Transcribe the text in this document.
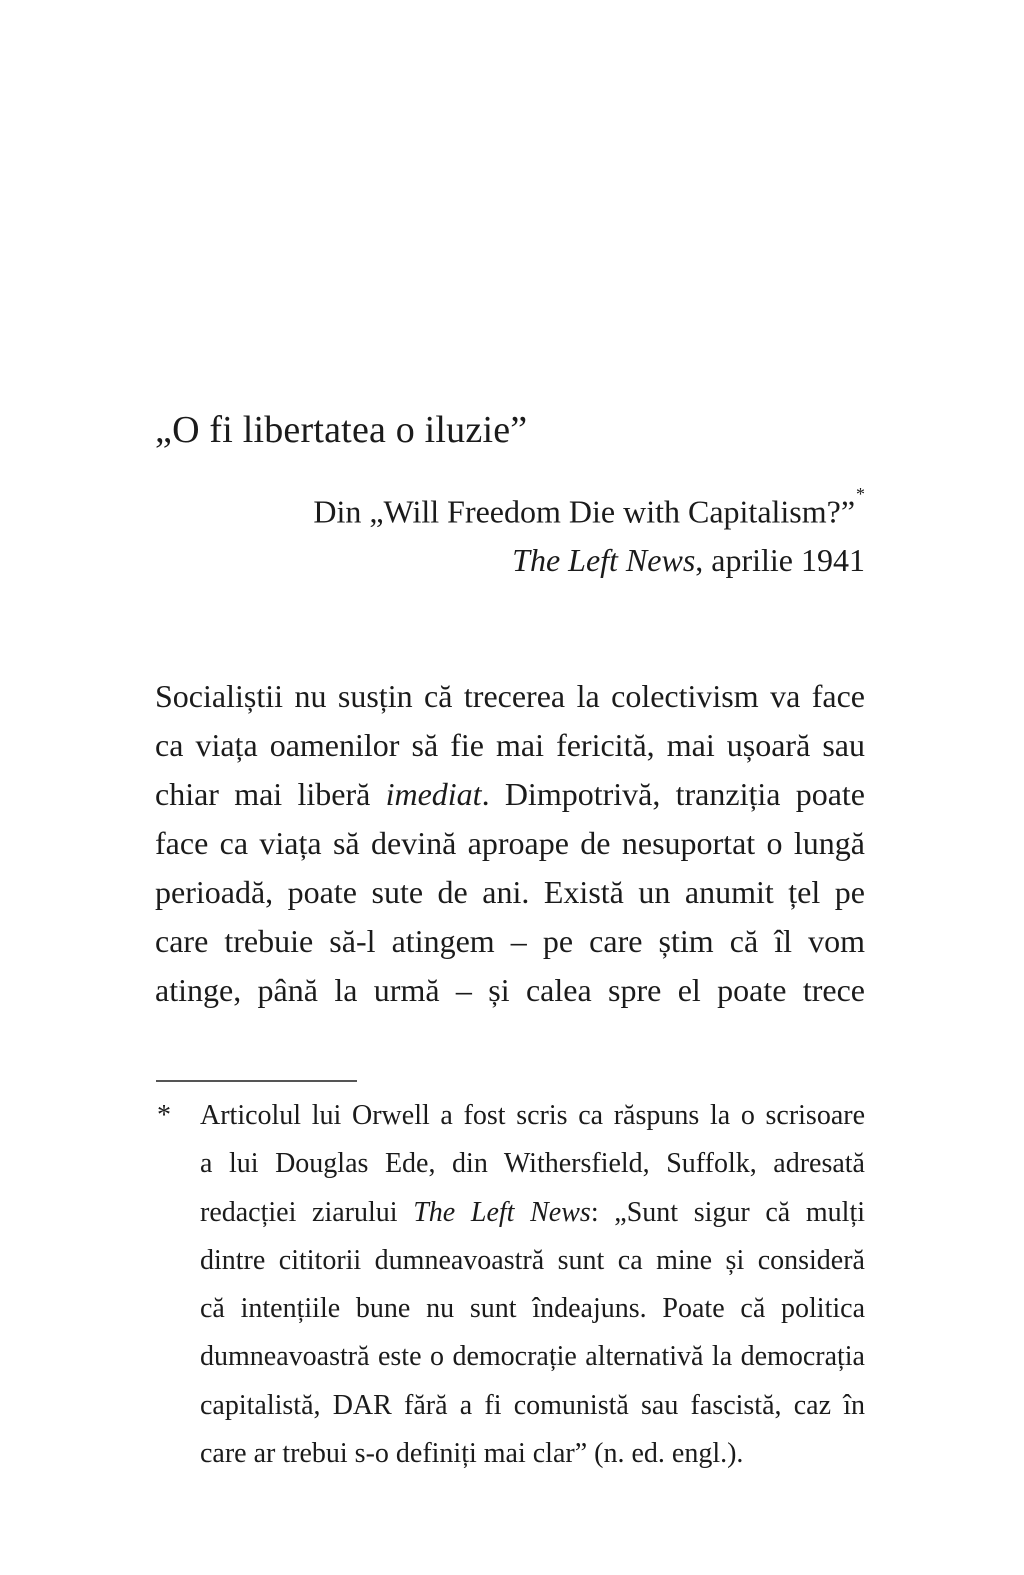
„O fi libertatea o iluzie”
Din „Will Freedom Die with Capitalism?”*
The Left News, aprilie 1941
Socialiștii nu susțin că trecerea la colectivism va face
ca viața oamenilor să fie mai fericită, mai ușoară sau
chiar mai liberă imediat. Dimpotrivă, tranziția poate
face ca viața să devină aproape de nesuportat o lungă
perioadă, poate sute de ani. Există un anumit țel pe
care trebuie să-l atingem – pe care știm că îl vom
atinge, până la urmă – și calea spre el poate trece
* Articolul lui Orwell a fost scris ca răspuns la o scrisoare
a lui Douglas Ede, din Withersfield, Suffolk, adresată
redacției ziarului The Left News: „Sunt sigur că mulți
dintre cititorii dumneavoastră sunt ca mine și consideră
că intențiile bune nu sunt îndeajuns. Poate că politica
dumneavoastră este o democrație alternativă la democrația
capitalistă, DAR fără a fi comunistă sau fascistă, caz în
care ar trebui s-o definiți mai clar” (n. ed. engl.).
